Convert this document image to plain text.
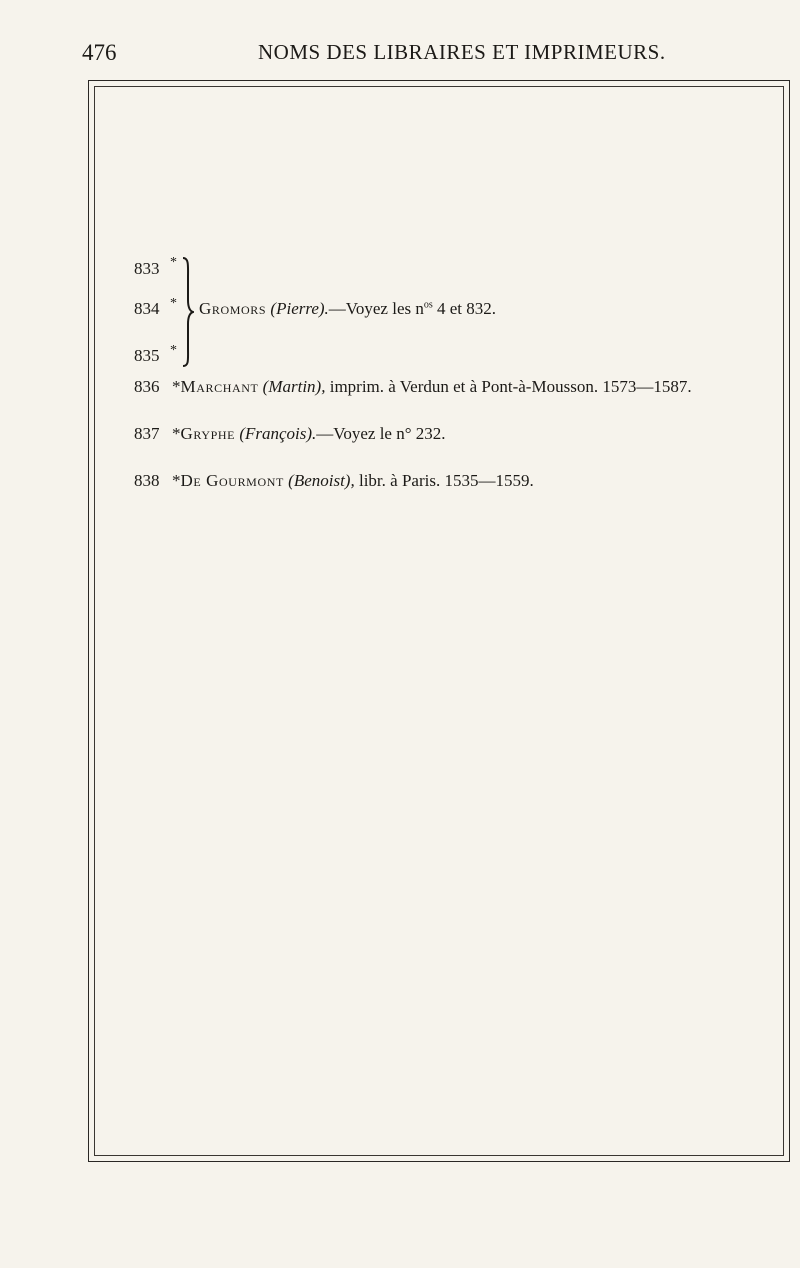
476	NOMS DES LIBRAIRES ET IMPRIMEURS.
833 *
834 *
835 *
Gromors (Pierre).—Voyez les $n^{os}$ 4 et 832.
836 *Marchant (Martin), imprim. à Verdun et à Pont-à-Mousson. 1573—1587.
837 *Gryphe (François).—Voyez le n° 232.
838 *De Gourmont (Benoist), libr. à Paris. 1535—1559.
